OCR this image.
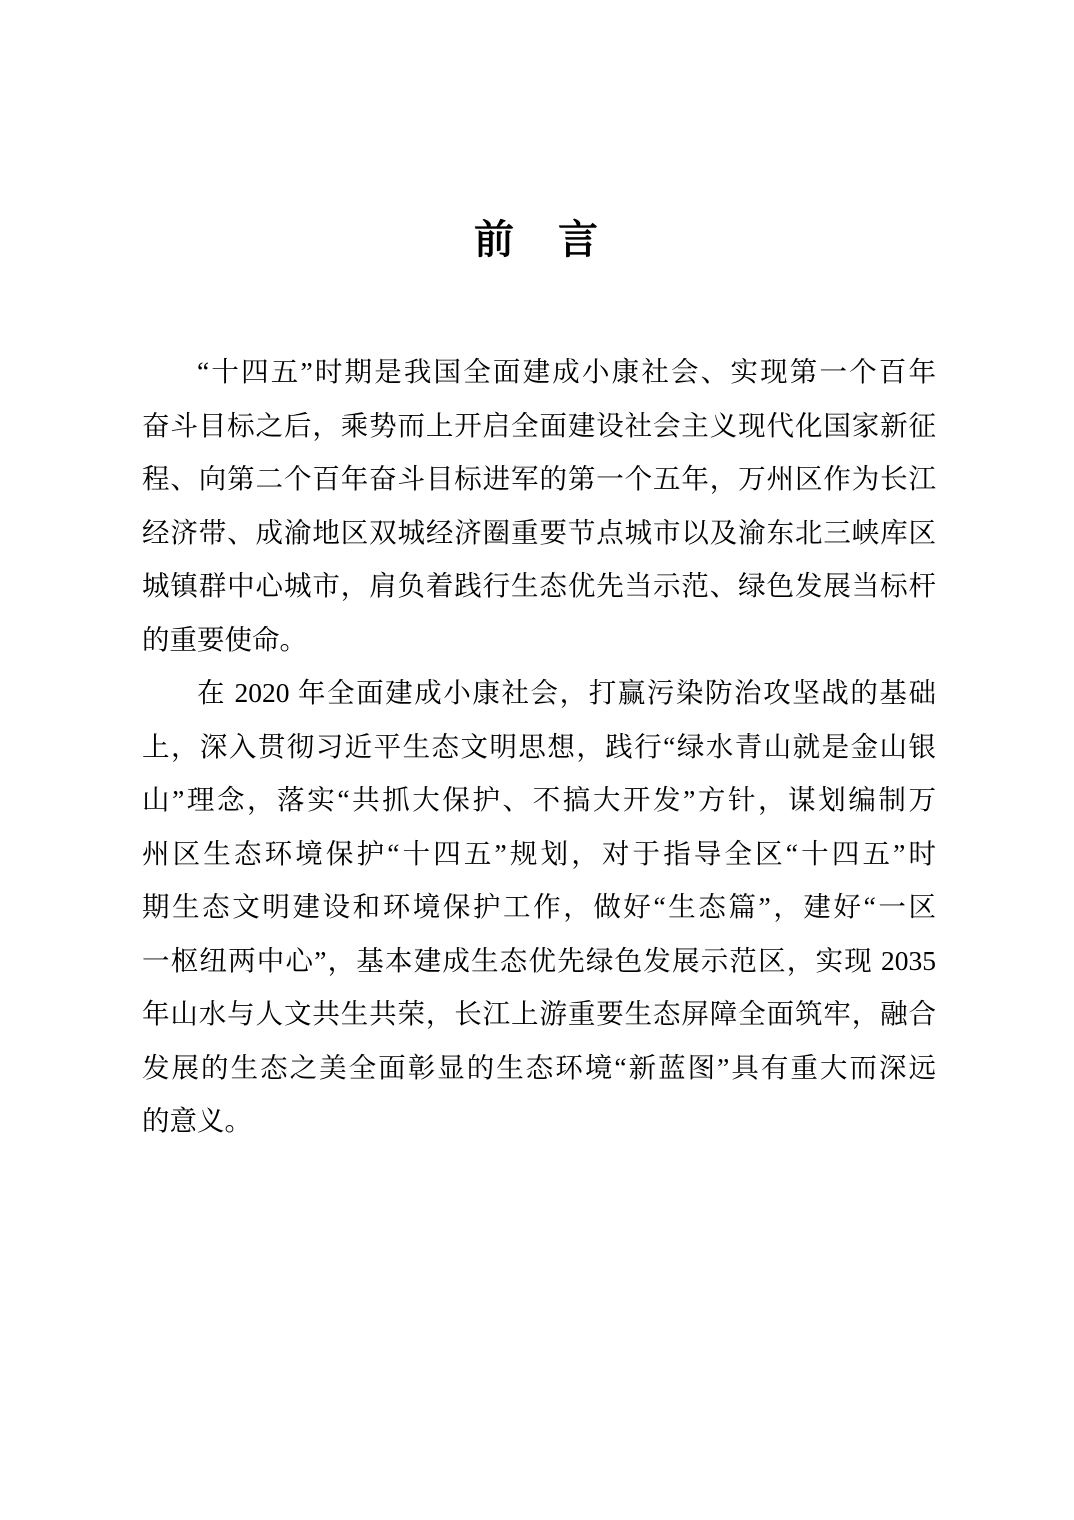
前　言
“十四五”时期是我国全面建成小康社会、实现第一个百年
奋斗目标之后，乘势而上开启全面建设社会主义现代化国家新征
程、向第二个百年奋斗目标进军的第一个五年，万州区作为长江
经济带、成渝地区双城经济圈重要节点城市以及渝东北三峡库区
城镇群中心城市，肩负着践行生态优先当示范、绿色发展当标杆
的重要使命。
在 2020 年全面建成小康社会，打赢污染防治攻坚战的基础
上，深入贯彻习近平生态文明思想，践行“绿水青山就是金山银
山”理念，落实“共抓大保护、不搞大开发”方针，谋划编制万
州区生态环境保护“十四五”规划，对于指导全区“十四五”时
期生态文明建设和环境保护工作，做好“生态篇”，建好“一区
一枢纽两中心”，基本建成生态优先绿色发展示范区，实现 2035
年山水与人文共生共荣，长江上游重要生态屏障全面筑牢，融合
发展的生态之美全面彰显的生态环境“新蓝图”具有重大而深远
的意义。
